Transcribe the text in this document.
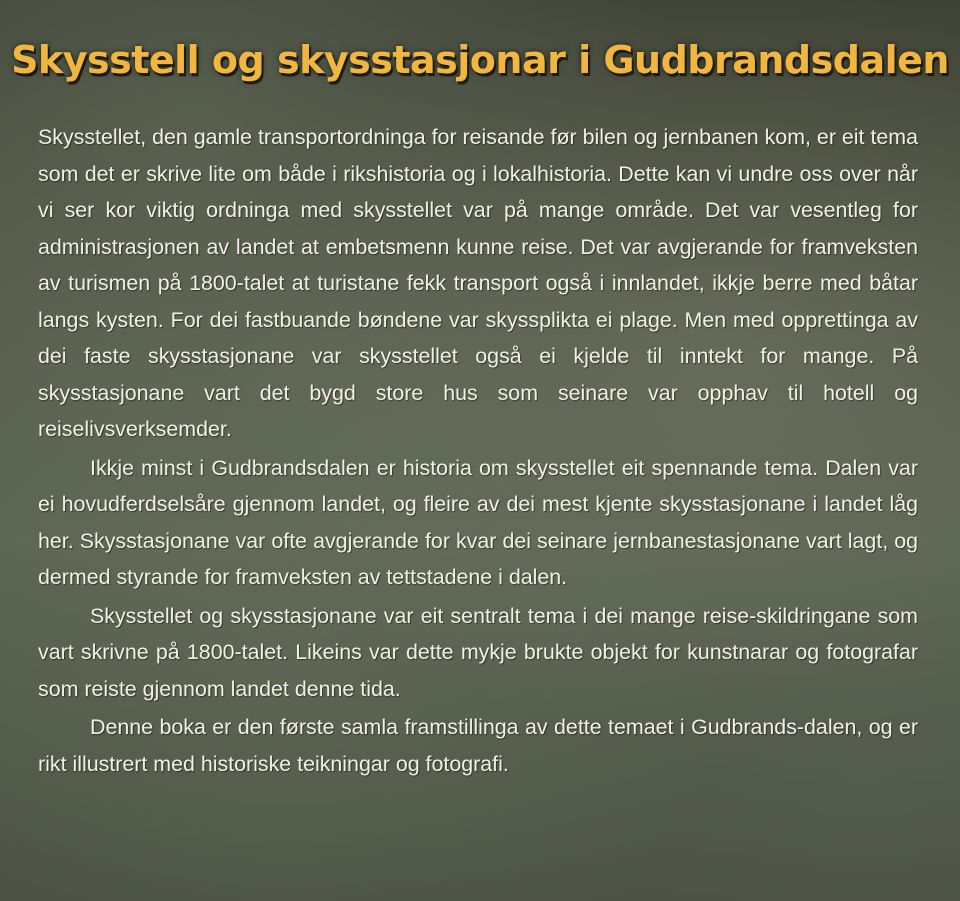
Skysstell og skysstasjonar i Gudbrandsdalen

Skysstellet, den gamle transportordninga for reisande før bilen og jernbanen kom, er eit tema som det er skrive lite om både i rikshistoria og i lokalhistoria. Dette kan vi undre oss over når vi ser kor viktig ordninga med skysstellet var på mange område. Det var vesentleg for administrasjonen av landet at embetsmenn kunne reise. Det var avgjerande for framveksten av turismen på 1800-talet at turistane fekk transport også i innlandet, ikkje berre med båtar langs kysten. For dei fastbuande bøndene var skyssplikta ei plage. Men med opprettinga av dei faste skysstasjonane var skysstellet også ei kjelde til inntekt for mange. På skysstasjonane vart det bygd store hus som seinare var opphav til hotell og reiselivsverksemder.

Ikkje minst i Gudbrandsdalen er historia om skysstellet eit spennande tema. Dalen var ei hovudferdselsåre gjennom landet, og fleire av dei mest kjente skysstasjonane i landet låg her. Skysstasjonane var ofte avgjerande for kvar dei seinare jernbanestasjonane vart lagt, og dermed styrande for framveksten av tettstadene i dalen.

Skysstellet og skysstasjonane var eit sentralt tema i dei mange reise-skildringane som vart skrivne på 1800-talet. Likeins var dette mykje brukte objekt for kunstnarar og fotografar som reiste gjennom landet denne tida.

Denne boka er den første samla framstillinga av dette temaet i Gudbrands-dalen, og er rikt illustrert med historiske teikningar og fotografi.
